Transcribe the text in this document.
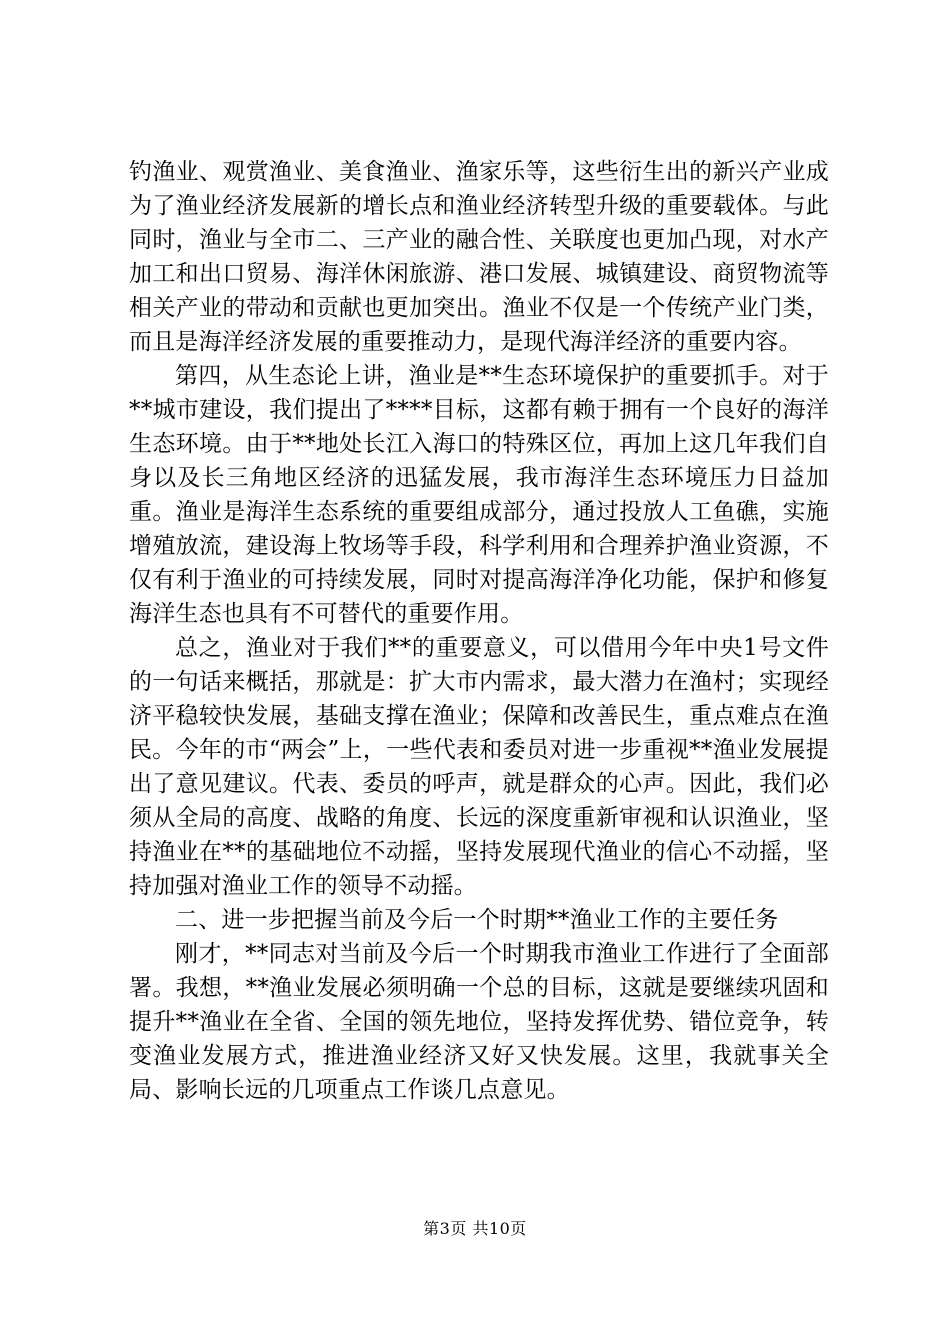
钓渔业、观赏渔业、美食渔业、渔家乐等，这些衍生出的新兴产业成为了渔业经济发展新的增长点和渔业经济转型升级的重要载体。与此同时，渔业与全市二、三产业的融合性、关联度也更加凸现，对水产加工和出口贸易、海洋休闲旅游、港口发展、城镇建设、商贸物流等相关产业的带动和贡献也更加突出。渔业不仅是一个传统产业门类，而且是海洋经济发展的重要推动力，是现代海洋经济的重要内容。

第四，从生态论上讲，渔业是**生态环境保护的重要抓手。对于**城市建设，我们提出了****目标，这都有赖于拥有一个良好的海洋生态环境。由于**地处长江入海口的特殊区位，再加上这几年我们自身以及长三角地区经济的迅猛发展，我市海洋生态环境压力日益加重。渔业是海洋生态系统的重要组成部分，通过投放人工鱼礁，实施增殖放流，建设海上牧场等手段，科学利用和合理养护渔业资源，不仅有利于渔业的可持续发展，同时对提高海洋净化功能，保护和修复海洋生态也具有不可替代的重要作用。

总之，渔业对于我们**的重要意义，可以借用今年中央1号文件的一句话来概括，那就是：扩大市内需求，最大潜力在渔村；实现经济平稳较快发展，基础支撑在渔业；保障和改善民生，重点难点在渔民。今年的市“两会”上，一些代表和委员对进一步重视**渔业发展提出了意见建议。代表、委员的呼声，就是群众的心声。因此，我们必须从全局的高度、战略的角度、长远的深度重新审视和认识渔业，坚持渔业在**的基础地位不动摇，坚持发展现代渔业的信心不动摇，坚持加强对渔业工作的领导不动摇。

二、进一步把握当前及今后一个时期**渔业工作的主要任务

刚才，**同志对当前及今后一个时期我市渔业工作进行了全面部署。我想，**渔业发展必须明确一个总的目标，这就是要继续巩固和提升**渔业在全省、全国的领先地位，坚持发挥优势、错位竞争，转变渔业发展方式，推进渔业经济又好又快发展。这里，我就事关全局、影响长远的几项重点工作谈几点意见。

第3页 共10页
